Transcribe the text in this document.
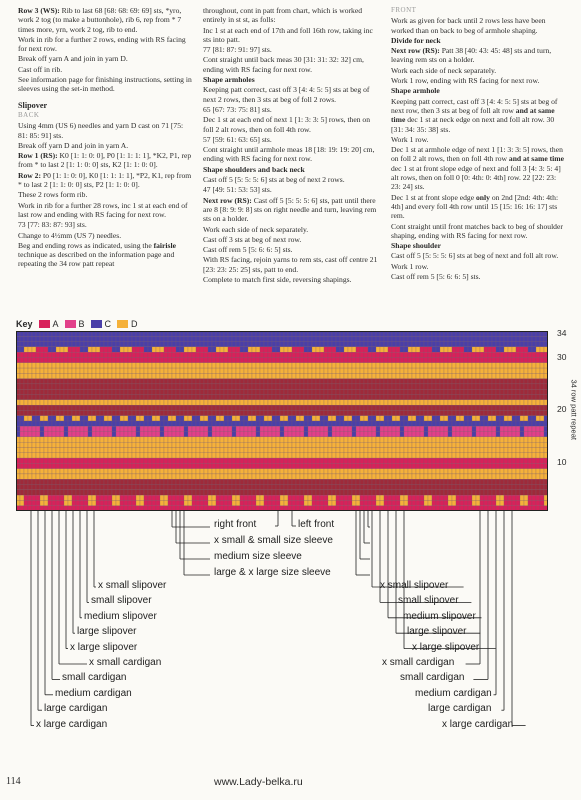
Row 3 (WS): Rib to last 68 [68: 68: 69: 69] sts, *yro, work 2 tog (to make a buttonhole), rib 6, rep from * 7 times more, yrn, work 2 tog, rib to end.

Work in rib for a further 2 rows, ending with RS facing for next row.

Break off yarn A and join in yarn D.

Cast off in rib.

See information page for finishing instructions, setting in sleeves using the set-in method.

Slipover

BACK

Using 4mm (US 6) needles and yarn D cast on 71 [75: 81: 85: 91] sts.

Break off yarn D and join in yarn A.

Row 1 (RS): K0 [1: 1: 0: 0], P0 [1: 1: 1: 1], *K2, P1, rep from * to last 2 [1: 1: 0: 0] sts, K2 [1: 1: 0: 0].

Row 2: P0 [1: 1: 0: 0], K0 [1: 1: 1: 1], *P2, K1, rep from * to last 2 [1: 1: 0: 0] sts, P2 [1: 1: 0: 0].

These 2 rows form rib.

Work in rib for a further 28 rows, inc 1 st at each end of last row and ending with RS facing for next row.

73 [77: 83: 87: 93] sts.

Change to 4½mm (US 7) needles.

Beg and ending rows as indicated, using the fairisle technique as described on the information page and repeating the 34 row patt repeat

throughout, cont in patt from chart, which is worked entirely in st st, as folls:

Inc 1 st at each end of 17th and foll 16th row, taking inc sts into patt.

77 [81: 87: 91: 97] sts.

Cont straight until back meas 30 [31: 31: 32: 32] cm, ending with RS facing for next row.

Shape armholes

Keeping patt correct, cast off 3 [4: 4: 5: 5] sts at beg of next 2 rows, then 3 sts at beg of foll 2 rows.

65 [67: 73: 75: 81] sts.

Dec 1 st at each end of next 1 [1: 3: 3: 5] rows, then on foll 2 alt rows, then on foll 4th row.

57 [59: 61: 63: 65] sts.

Cont straight until armhole meas 18 [18: 19: 19: 20] cm, ending with RS facing for next row.

Shape shoulders and back neck

Cast off 5 [5: 5: 5: 6] sts at beg of next 2 rows.

47 [49: 51: 53: 53] sts.

Next row (RS): Cast off 5 [5: 5: 5: 6] sts, patt until there are 8 [8: 9: 9: 8] sts on right needle and turn, leaving rem sts on a holder.

Work each side of neck separately.

Cast off 3 sts at beg of next row.

Cast off rem 5 [5: 6: 6: 5] sts.

With RS facing, rejoin yarns to rem sts, cast off centre 21 [23: 23: 25: 25] sts, patt to end.

Complete to match first side, reversing shapings.

FRONT

Work as given for back until 2 rows less have been worked than on back to beg of armhole shaping.

Divide for neck

Next row (RS): Patt 38 [40: 43: 45: 48] sts and turn, leaving rem sts on a holder.

Work each side of neck separately.

Work 1 row, ending with RS facing for next row.

Shape armhole

Keeping patt correct, cast off 3 [4: 4: 5: 5] sts at beg of next row, then 3 sts at beg of foll alt row and at same time dec 1 st at neck edge on next and foll alt row. 30 [31: 34: 35: 38] sts.

Work 1 row.

Dec 1 st at armhole edge of next 1 [1: 3: 3: 5] rows, then on foll 2 alt rows, then on foll 4th row and at same time dec 1 st at front slope edge of next and foll 3 [4: 3: 5: 4] alt rows, then on foll 0 [0: 4th: 0: 4th] row. 22 [22: 23: 23: 24] sts.

Dec 1 st at front slope edge only on 2nd [2nd: 4th: 4th: 4th] and every foll 4th row until 15 [15: 16: 16: 17] sts rem.

Cont straight until front matches back to beg of shoulder shaping, ending with RS facing for next row.

Shape shoulder

Cast off 5 [5: 5: 5: 6] sts at beg of next and foll alt row.

Work 1 row.

Cast off rem 5 [5: 6: 6: 5] sts.

Key A B C D
34
30
20
10
34 row patt repeat
right front	left front
x small & small size sleeve
medium size sleeve
large & x large size sleeve
x small slipover
small slipover
medium slipover
large slipover
x large slipover
x small cardigan
small cardigan
medium cardigan
large cardigan
x large cardigan
x small slipover
small slipover
medium slipover
large slipover
x large slipover
x small cardigan
small cardigan
medium cardigan
large cardigan
x large cardigan
114	www.Lady-belka.ru
